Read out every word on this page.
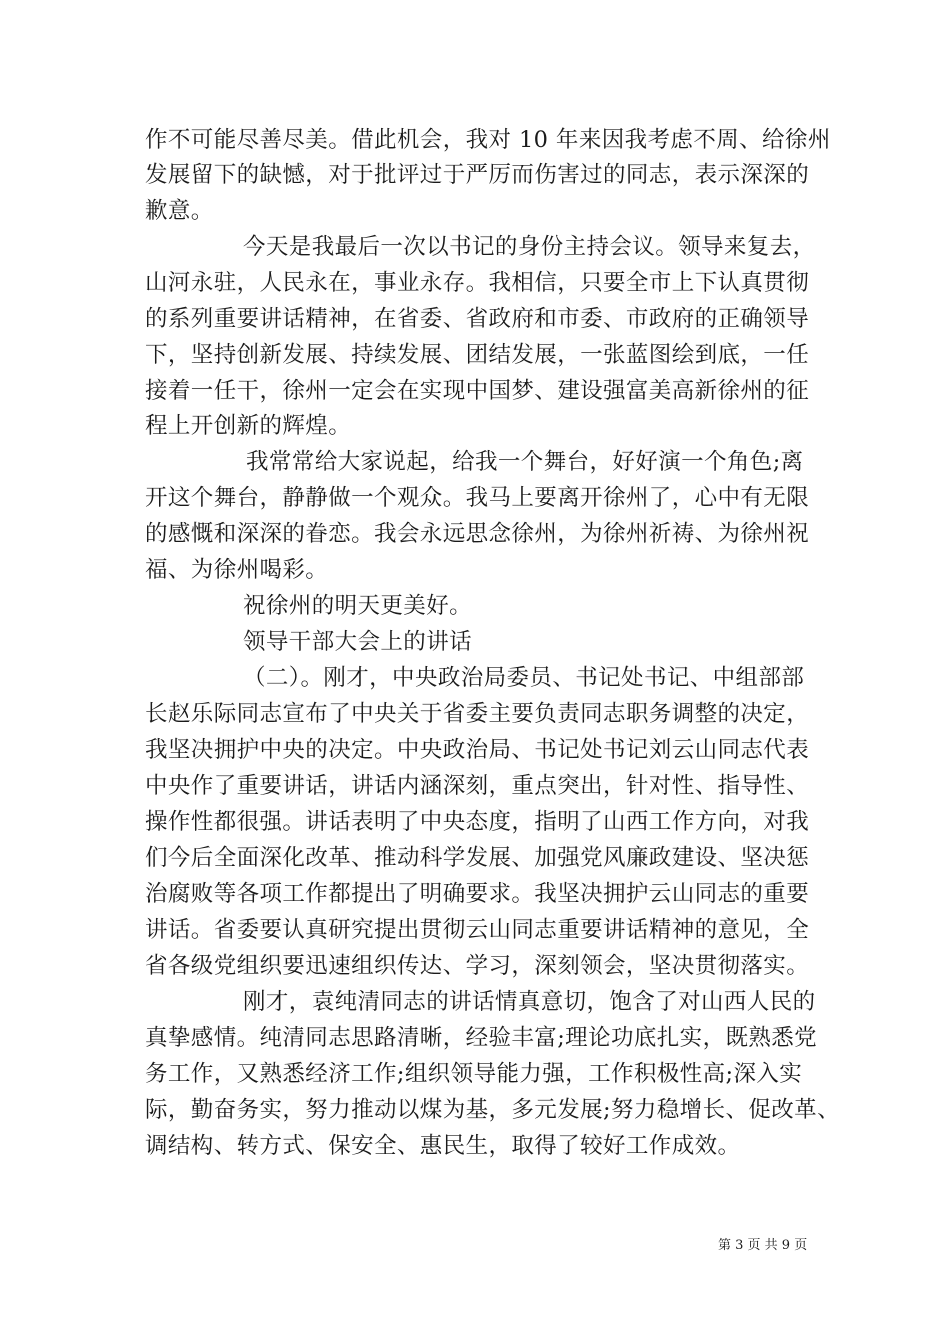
作不可能尽善尽美。借此机会，我对 10 年来因我考虑不周、给徐州
发展留下的缺憾，对于批评过于严厉而伤害过的同志，表示深深的
歉意。
今天是我最后一次以书记的身份主持会议。领导来复去，
山河永驻，人民永在，事业永存。我相信，只要全市上下认真贯彻
的系列重要讲话精神，在省委、省政府和市委、市政府的正确领导
下，坚持创新发展、持续发展、团结发展，一张蓝图绘到底，一任
接着一任干，徐州一定会在实现中国梦、建设强富美高新徐州的征
程上开创新的辉煌。
我常常给大家说起，给我一个舞台，好好演一个角色;离
开这个舞台，静静做一个观众。我马上要离开徐州了，心中有无限
的感慨和深深的眷恋。我会永远思念徐州，为徐州祈祷、为徐州祝
福、为徐州喝彩。
祝徐州的明天更美好。
领导干部大会上的讲话
（二）。刚才，中央政治局委员、书记处书记、中组部部
长赵乐际同志宣布了中央关于省委主要负责同志职务调整的决定，
我坚决拥护中央的决定。中央政治局、书记处书记刘云山同志代表
中央作了重要讲话，讲话内涵深刻，重点突出，针对性、指导性、
操作性都很强。讲话表明了中央态度，指明了山西工作方向，对我
们今后全面深化改革、推动科学发展、加强党风廉政建设、坚决惩
治腐败等各项工作都提出了明确要求。我坚决拥护云山同志的重要
讲话。省委要认真研究提出贯彻云山同志重要讲话精神的意见，全
省各级党组织要迅速组织传达、学习，深刻领会，坚决贯彻落实。
刚才，袁纯清同志的讲话情真意切，饱含了对山西人民的
真挚感情。纯清同志思路清晰，经验丰富;理论功底扎实，既熟悉党
务工作，又熟悉经济工作;组织领导能力强，工作积极性高;深入实
际，勤奋务实，努力推动以煤为基，多元发展;努力稳增长、促改革、
调结构、转方式、保安全、惠民生，取得了较好工作成效。
第 3 页 共 9 页
